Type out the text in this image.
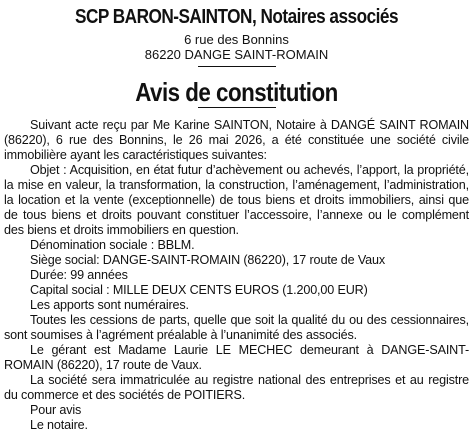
SCP BARON-SAINTON, Notaires associés

6 rue des Bonnins

86220 DANGE SAINT-ROMAIN

Avis de constitution

Suivant acte reçu par Me Karine SAINTON, Notaire à DANGÉ SAINT ROMAIN (86220), 6 rue des Bonnins, le 26 mai 2026, a été constituée une société civile immobilière ayant les caractéristiques suivantes:

Objet : Acquisition, en état futur d’achèvement ou achevés, l’apport, la propriété, la mise en valeur, la transformation, la construction, l’aménagement, l’administration, la location et la vente (exceptionnelle) de tous biens et droits immobiliers, ainsi que de tous biens et droits pouvant constituer l’accessoire, l’annexe ou le complément des biens et droits immobiliers en question.

Dénomination sociale : BBLM.

Siège social: DANGE-SAINT-ROMAIN (86220), 17 route de Vaux

Durée: 99 années

Capital social : MILLE DEUX CENTS EUROS (1.200,00 EUR)

Les apports sont numéraires.

Toutes les cessions de parts, quelle que soit la qualité du ou des cessionnaires, sont soumises à l’agrément préalable à l’unanimité des associés.

Le gérant est Madame Laurie LE MECHEC demeurant à DANGE-SAINT-ROMAIN (86220), 17 route de Vaux.

La société sera immatriculée au registre national des entreprises et au registre du commerce et des sociétés de POITIERS.

Pour avis

Le notaire.
